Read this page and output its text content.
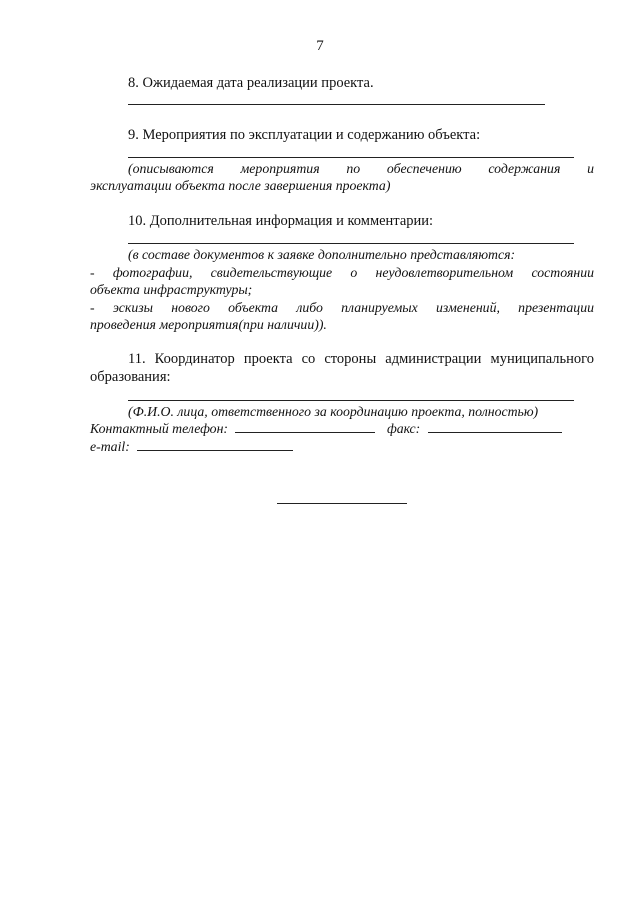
7
8. Ожидаемая дата реализации проекта.
9. Мероприятия по эксплуатации и содержанию объекта:
(описываются мероприятия по обеспечению содержания и
эксплуатации объекта после завершения проекта)
10. Дополнительная информация и комментарии:
(в составе документов к заявке дополнительно представляются:
- фотографии, свидетельствующие о неудовлетворительном состоянии
объекта инфраструктуры;
- эскизы нового объекта либо планируемых изменений, презентации
проведения мероприятия(при наличии)).
11. Координатор проекта со стороны администрации муниципального
образования:
(Ф.И.О. лица, ответственного за координацию проекта, полностью)
Контактный телефон:	факс:
e-mail:
